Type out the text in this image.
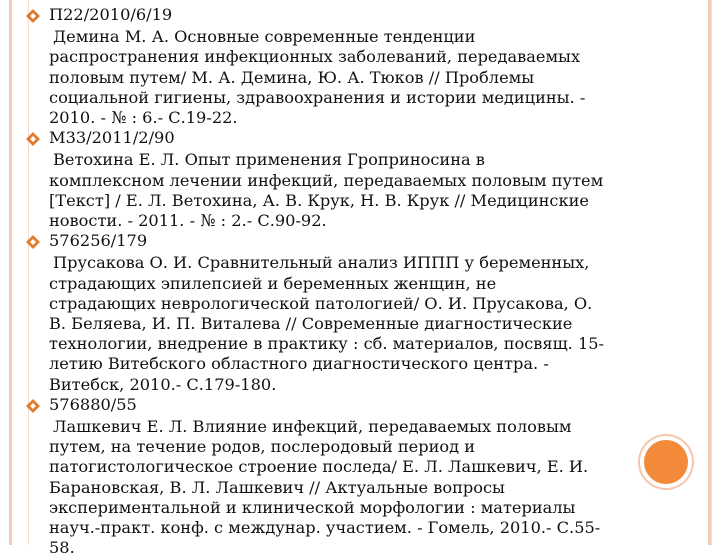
П22/2010/6/19
Демина М. А. Основные современные тенденции
распространения инфекционных заболеваний, передаваемых
половым путем/ М. А. Демина, Ю. А. Тюков // Проблемы
социальной гигиены, здравоохранения и истории медицины. -
2010. - № : 6.- С.19-22.
М33/2011/2/90
Ветохина Е. Л. Опыт применения Гроприносина в
комплексном лечении инфекций, передаваемых половым путем
[Текст] / Е. Л. Ветохина, А. В. Крук, Н. В. Крук // Медицинские
новости. - 2011. - № : 2.- С.90-92.
576256/179
Прусакова О. И. Сравнительный анализ ИППП у беременных,
страдающих эпилепсией и беременных женщин, не
страдающих неврологической патологией/ О. И. Прусакова, О.
В. Беляева, И. П. Виталева // Современные диагностические
технологии, внедрение в практику : сб. материалов, посвящ. 15-
летию Витебского областного диагностического центра. -
Витебск, 2010.- С.179-180.
576880/55
Лашкевич Е. Л. Влияние инфекций, передаваемых половым
путем, на течение родов, послеродовый период и
патогистологическое строение последа/ Е. Л. Лашкевич, Е. И.
Барановская, В. Л. Лашкевич // Актуальные вопросы
экспериментальной и клинической морфологии : материалы
науч.-практ. конф. с междунар. участием. - Гомель, 2010.- С.55-
58.
